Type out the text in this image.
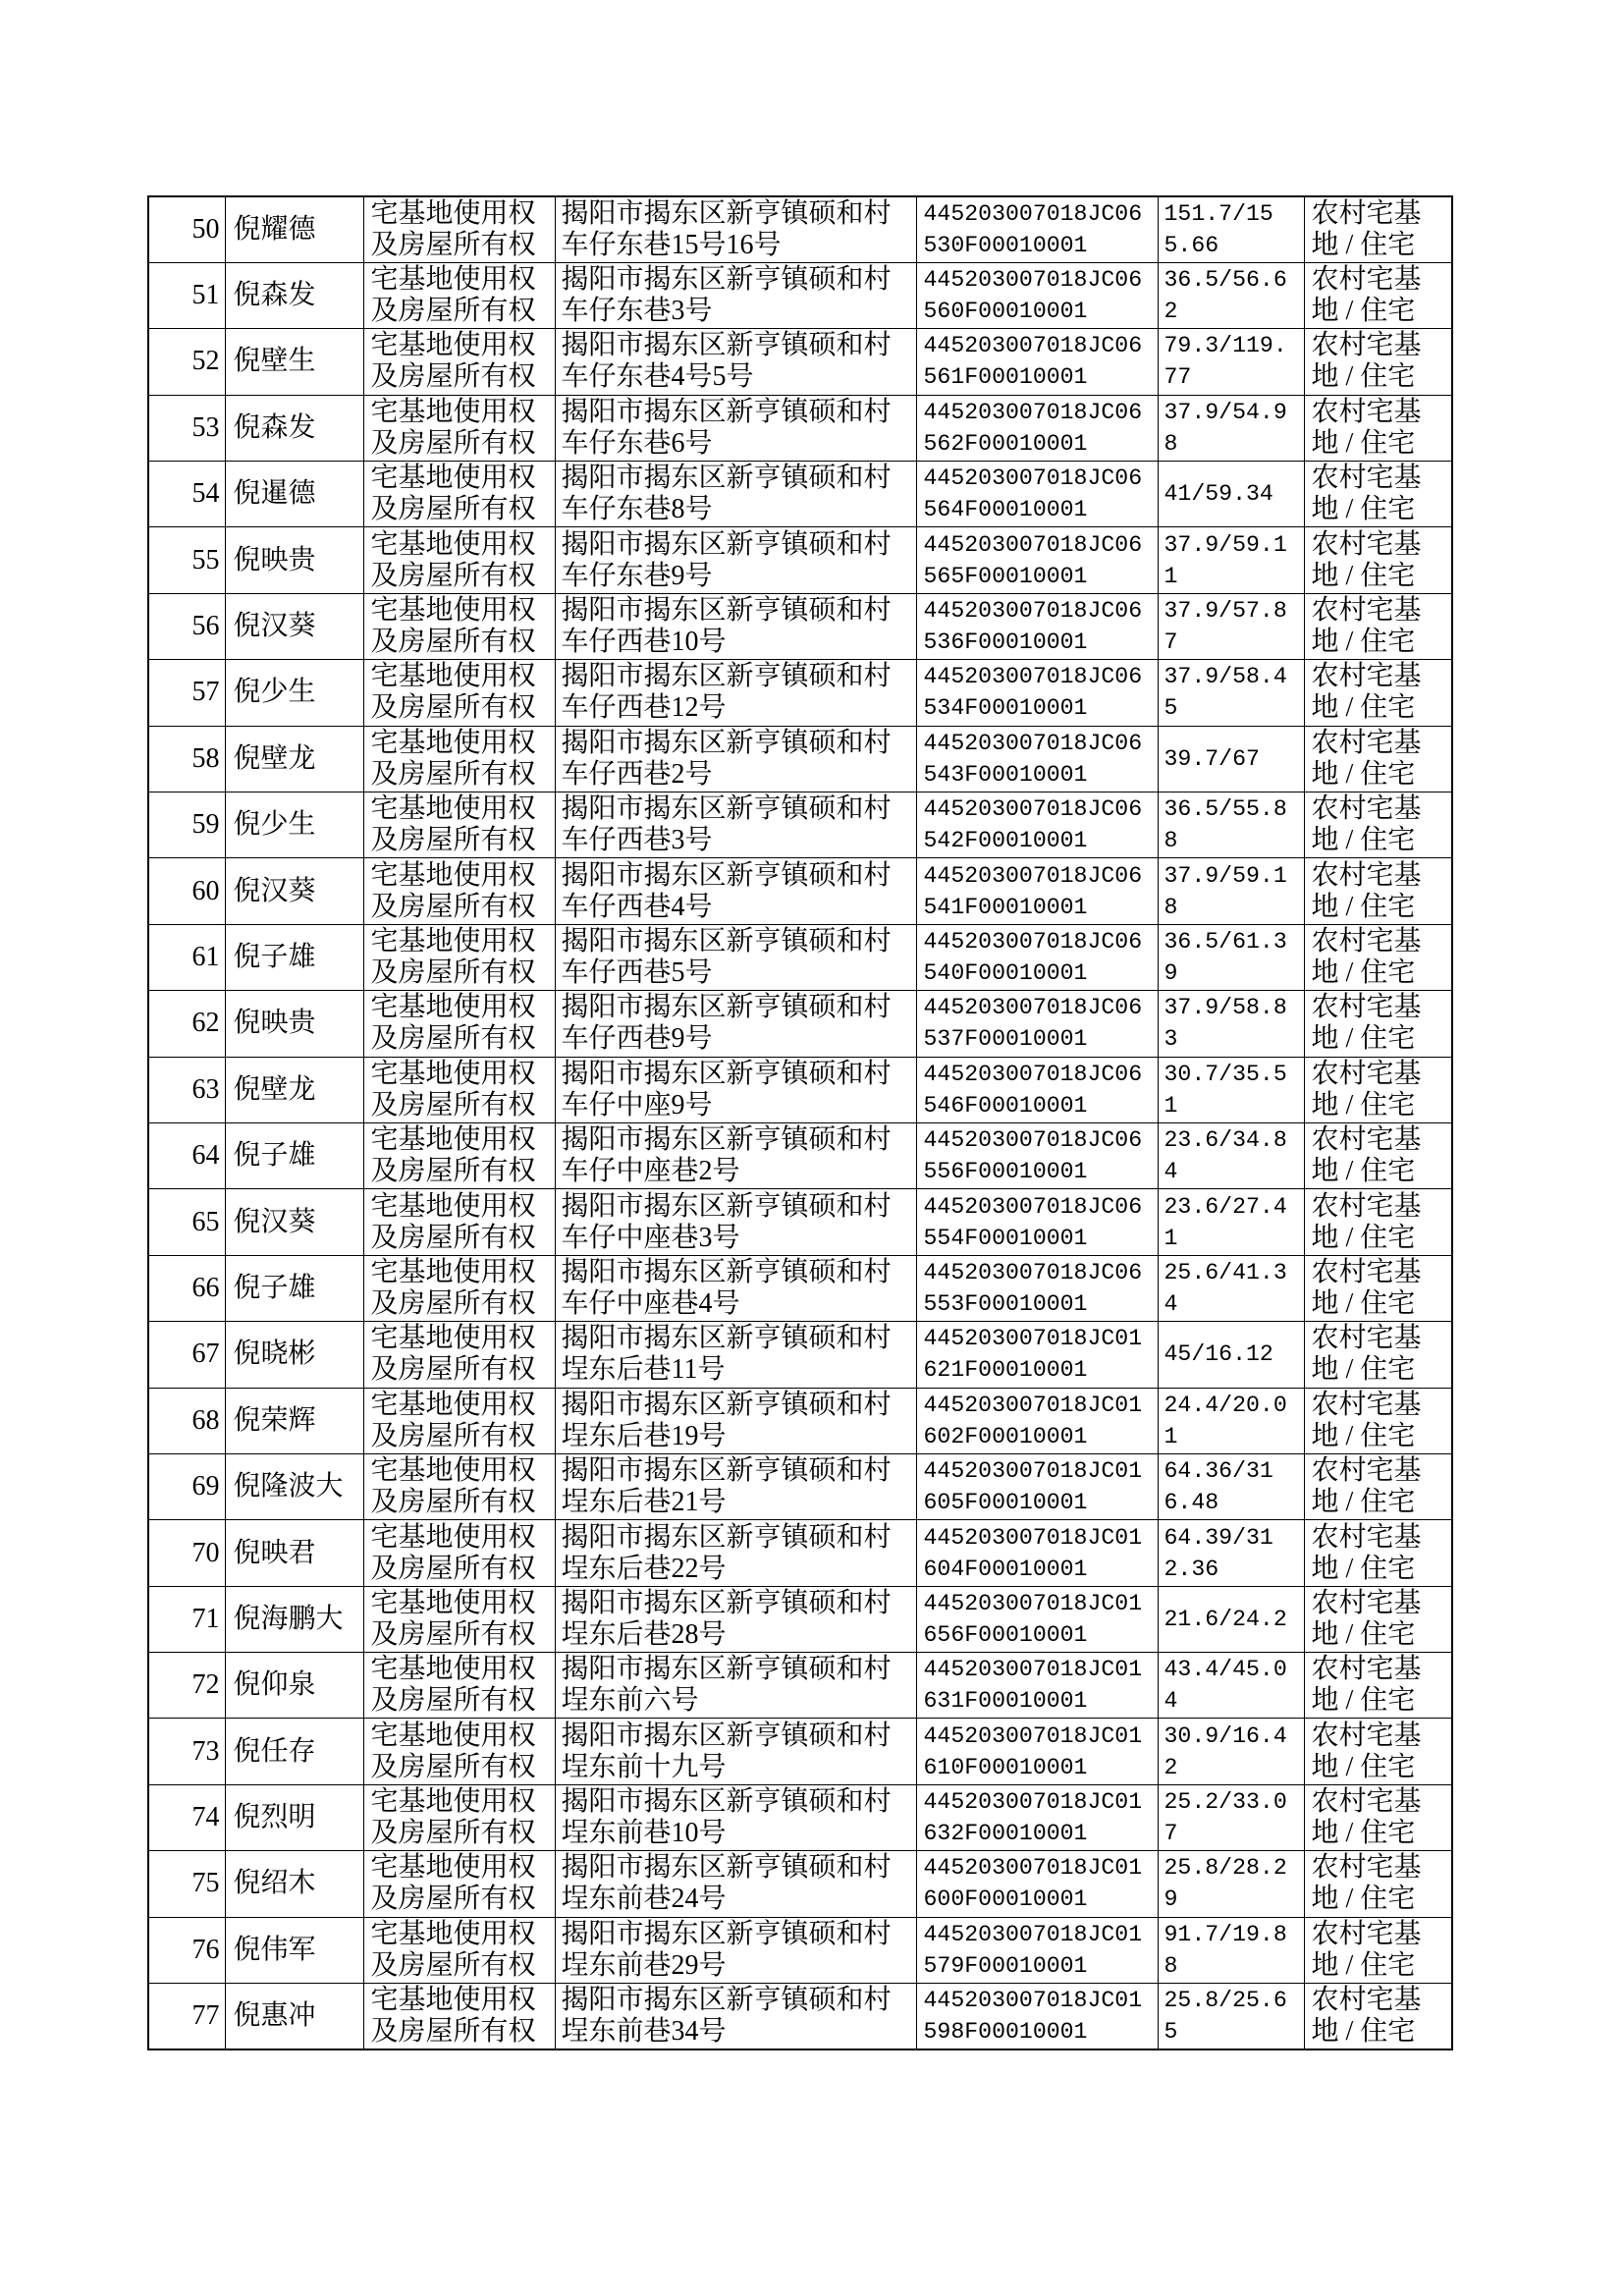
50	倪耀德	宅基地使用权及房屋所有权	揭阳市揭东区新亨镇硕和村车仔东巷15号16号	445203007018JC06530F00010001	151.7/155.66	农村宅基地 / 住宅
51	倪森发	宅基地使用权及房屋所有权	揭阳市揭东区新亨镇硕和村车仔东巷3号	445203007018JC06560F00010001	36.5/56.62	农村宅基地 / 住宅
52	倪壁生	宅基地使用权及房屋所有权	揭阳市揭东区新亨镇硕和村车仔东巷4号5号	445203007018JC06561F00010001	79.3/119.77	农村宅基地 / 住宅
53	倪森发	宅基地使用权及房屋所有权	揭阳市揭东区新亨镇硕和村车仔东巷6号	445203007018JC06562F00010001	37.9/54.98	农村宅基地 / 住宅
54	倪暹德	宅基地使用权及房屋所有权	揭阳市揭东区新亨镇硕和村车仔东巷8号	445203007018JC06564F00010001	41/59.34	农村宅基地 / 住宅
55	倪映贵	宅基地使用权及房屋所有权	揭阳市揭东区新亨镇硕和村车仔东巷9号	445203007018JC06565F00010001	37.9/59.11	农村宅基地 / 住宅
56	倪汉葵	宅基地使用权及房屋所有权	揭阳市揭东区新亨镇硕和村车仔西巷10号	445203007018JC06536F00010001	37.9/57.87	农村宅基地 / 住宅
57	倪少生	宅基地使用权及房屋所有权	揭阳市揭东区新亨镇硕和村车仔西巷12号	445203007018JC06534F00010001	37.9/58.45	农村宅基地 / 住宅
58	倪壁龙	宅基地使用权及房屋所有权	揭阳市揭东区新亨镇硕和村车仔西巷2号	445203007018JC06543F00010001	39.7/67	农村宅基地 / 住宅
59	倪少生	宅基地使用权及房屋所有权	揭阳市揭东区新亨镇硕和村车仔西巷3号	445203007018JC06542F00010001	36.5/55.88	农村宅基地 / 住宅
60	倪汉葵	宅基地使用权及房屋所有权	揭阳市揭东区新亨镇硕和村车仔西巷4号	445203007018JC06541F00010001	37.9/59.18	农村宅基地 / 住宅
61	倪子雄	宅基地使用权及房屋所有权	揭阳市揭东区新亨镇硕和村车仔西巷5号	445203007018JC06540F00010001	36.5/61.39	农村宅基地 / 住宅
62	倪映贵	宅基地使用权及房屋所有权	揭阳市揭东区新亨镇硕和村车仔西巷9号	445203007018JC06537F00010001	37.9/58.83	农村宅基地 / 住宅
63	倪壁龙	宅基地使用权及房屋所有权	揭阳市揭东区新亨镇硕和村车仔中座9号	445203007018JC06546F00010001	30.7/35.51	农村宅基地 / 住宅
64	倪子雄	宅基地使用权及房屋所有权	揭阳市揭东区新亨镇硕和村车仔中座巷2号	445203007018JC06556F00010001	23.6/34.84	农村宅基地 / 住宅
65	倪汉葵	宅基地使用权及房屋所有权	揭阳市揭东区新亨镇硕和村车仔中座巷3号	445203007018JC06554F00010001	23.6/27.41	农村宅基地 / 住宅
66	倪子雄	宅基地使用权及房屋所有权	揭阳市揭东区新亨镇硕和村车仔中座巷4号	445203007018JC06553F00010001	25.6/41.34	农村宅基地 / 住宅
67	倪晓彬	宅基地使用权及房屋所有权	揭阳市揭东区新亨镇硕和村埕东后巷11号	445203007018JC01621F00010001	45/16.12	农村宅基地 / 住宅
68	倪荣辉	宅基地使用权及房屋所有权	揭阳市揭东区新亨镇硕和村埕东后巷19号	445203007018JC01602F00010001	24.4/20.01	农村宅基地 / 住宅
69	倪隆波大	宅基地使用权及房屋所有权	揭阳市揭东区新亨镇硕和村埕东后巷21号	445203007018JC01605F00010001	64.36/316.48	农村宅基地 / 住宅
70	倪映君	宅基地使用权及房屋所有权	揭阳市揭东区新亨镇硕和村埕东后巷22号	445203007018JC01604F00010001	64.39/312.36	农村宅基地 / 住宅
71	倪海鹏大	宅基地使用权及房屋所有权	揭阳市揭东区新亨镇硕和村埕东后巷28号	445203007018JC01656F00010001	21.6/24.2	农村宅基地 / 住宅
72	倪仰泉	宅基地使用权及房屋所有权	揭阳市揭东区新亨镇硕和村埕东前六号	445203007018JC01631F00010001	43.4/45.04	农村宅基地 / 住宅
73	倪任存	宅基地使用权及房屋所有权	揭阳市揭东区新亨镇硕和村埕东前十九号	445203007018JC01610F00010001	30.9/16.42	农村宅基地 / 住宅
74	倪烈明	宅基地使用权及房屋所有权	揭阳市揭东区新亨镇硕和村埕东前巷10号	445203007018JC01632F00010001	25.2/33.07	农村宅基地 / 住宅
75	倪绍木	宅基地使用权及房屋所有权	揭阳市揭东区新亨镇硕和村埕东前巷24号	445203007018JC01600F00010001	25.8/28.29	农村宅基地 / 住宅
76	倪伟军	宅基地使用权及房屋所有权	揭阳市揭东区新亨镇硕和村埕东前巷29号	445203007018JC01579F00010001	91.7/19.88	农村宅基地 / 住宅
77	倪惠冲	宅基地使用权及房屋所有权	揭阳市揭东区新亨镇硕和村埕东前巷34号	445203007018JC01598F00010001	25.8/25.65	农村宅基地 / 住宅
